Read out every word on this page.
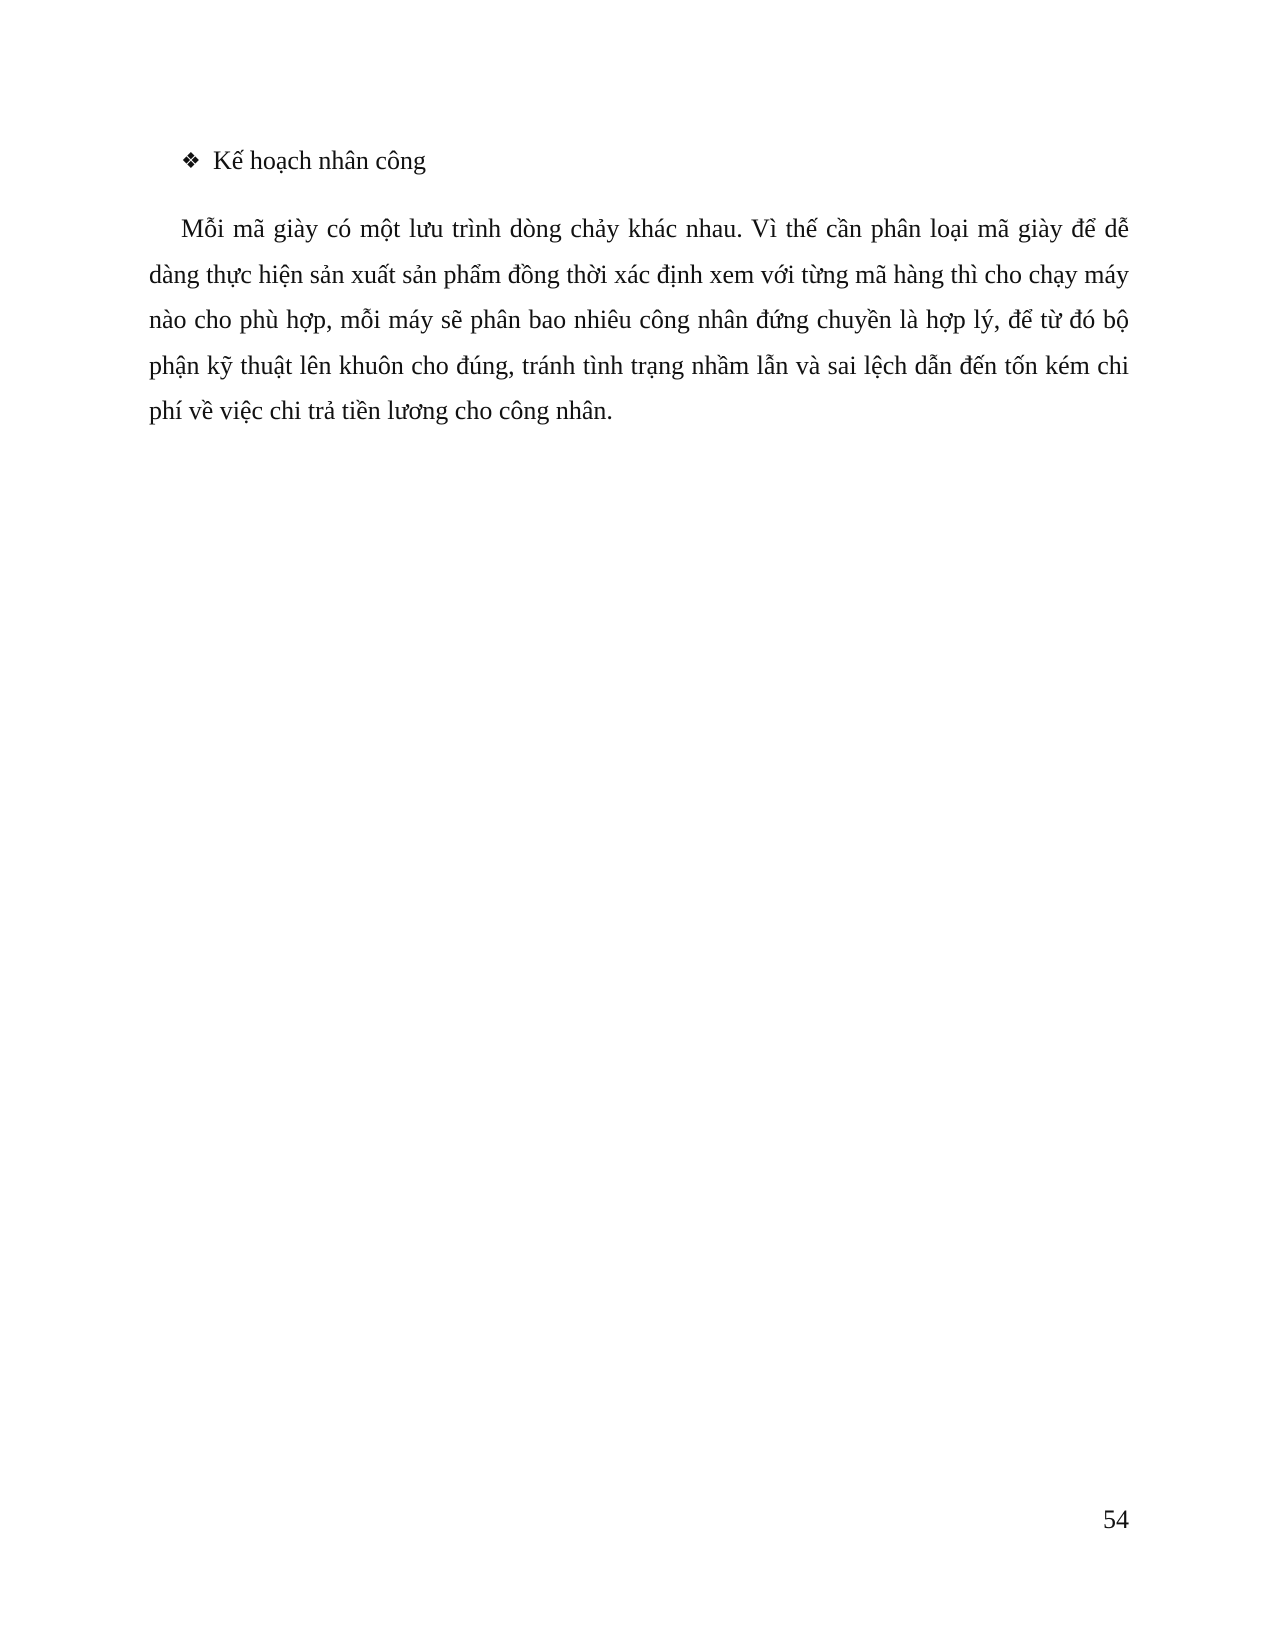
❖ Kế hoạch nhân công

Mỗi mã giày có một lưu trình dòng chảy khác nhau. Vì thế cần phân loại mã giày để dễ dàng thực hiện sản xuất sản phẩm đồng thời xác định xem với từng mã hàng thì cho chạy máy nào cho phù hợp, mỗi máy sẽ phân bao nhiêu công nhân đứng chuyền là hợp lý, để từ đó bộ phận kỹ thuật lên khuôn cho đúng, tránh tình trạng nhầm lẫn và sai lệch dẫn đến tốn kém chi phí về việc chi trả tiền lương cho công nhân.

54
